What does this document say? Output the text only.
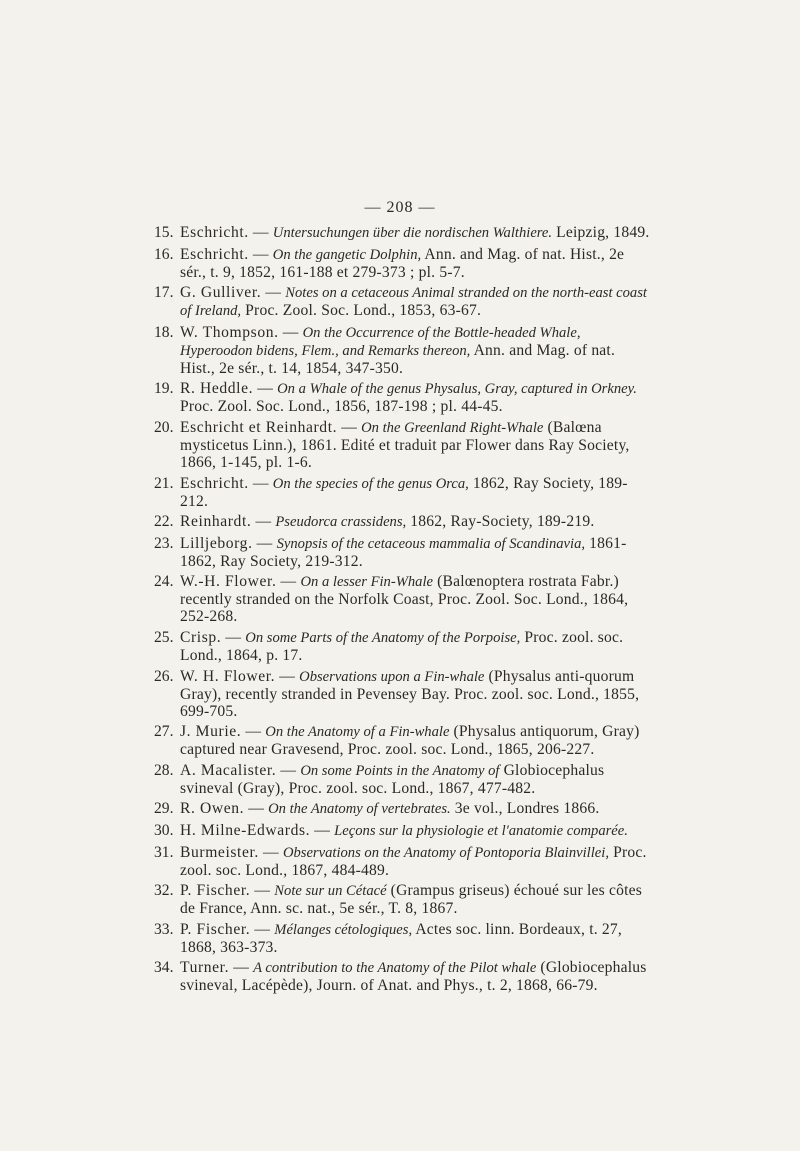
— 208 —
15. Eschricht. — Untersuchungen über die nordischen Walthiere. Leipzig, 1849.
16. Eschricht. — On the gangetic Dolphin, Ann. and Mag. of nat. Hist., 2e sér., t. 9, 1852, 161-188 et 279-373 ; pl. 5-7.
17. G. Gulliver. — Notes on a cetaceous Animal stranded on the north-east coast of Ireland, Proc. Zool. Soc. Lond., 1853, 63-67.
18. W. Thompson. — On the Occurrence of the Bottle-headed Whale, Hyperoodon bidens, Flem., and Remarks thereon, Ann. and Mag. of nat. Hist., 2e sér., t. 14, 1854, 347-350.
19. R. Heddle. — On a Whale of the genus Physalus, Gray, captured in Orkney. Proc. Zool. Soc. Lond., 1856, 187-198 ; pl. 44-45.
20. Eschricht et Reinhardt. — On the Greenland Right-Whale (Balœna mysticetus Linn.), 1861. Edité et traduit par Flower dans Ray Society, 1866, 1-145, pl. 1-6.
21. Eschricht. — On the species of the genus Orca, 1862, Ray Society, 189-212.
22. Reinhardt. — Pseudorca crassidens, 1862, Ray-Society, 189-219.
23. Lilljeborg. — Synopsis of the cetaceous mammalia of Scandinavia, 1861-1862, Ray Society, 219-312.
24. W.-H. Flower. — On a lesser Fin-Whale (Balœnoptera rostrata Fabr.) recently stranded on the Norfolk Coast, Proc. Zool. Soc. Lond., 1864, 252-268.
25. Crisp. — On some Parts of the Anatomy of the Porpoise, Proc. zool. soc. Lond., 1864, p. 17.
26. W. H. Flower. — Observations upon a Fin-whale (Physalus anti-quorum Gray), recently stranded in Pevensey Bay. Proc. zool. soc. Lond., 1855, 699-705.
27. J. Murie. — On the Anatomy of a Fin-whale (Physalus antiquorum, Gray) captured near Gravesend, Proc. zool. soc. Lond., 1865, 206-227.
28. A. Macalister. — On some Points in the Anatomy of Globiocephalus svineval (Gray), Proc. zool. soc. Lond., 1867, 477-482.
29. R. Owen. — On the Anatomy of vertebrates. 3e vol., Londres 1866.
30. H. Milne-Edwards. — Leçons sur la physiologie et l'anatomie comparée.
31. Burmeister. — Observations on the Anatomy of Pontoporia Blainvillei, Proc. zool. soc. Lond., 1867, 484-489.
32. P. Fischer. — Note sur un Cétacé (Grampus griseus) échoué sur les côtes de France, Ann. sc. nat., 5e sér., T. 8, 1867.
33. P. Fischer. — Mélanges cétologiques, Actes soc. linn. Bordeaux, t. 27, 1868, 363-373.
34. Turner. — A contribution to the Anatomy of the Pilot whale (Globiocephalus svineval, Lacépède), Journ. of Anat. and Phys., t. 2, 1868, 66-79.
